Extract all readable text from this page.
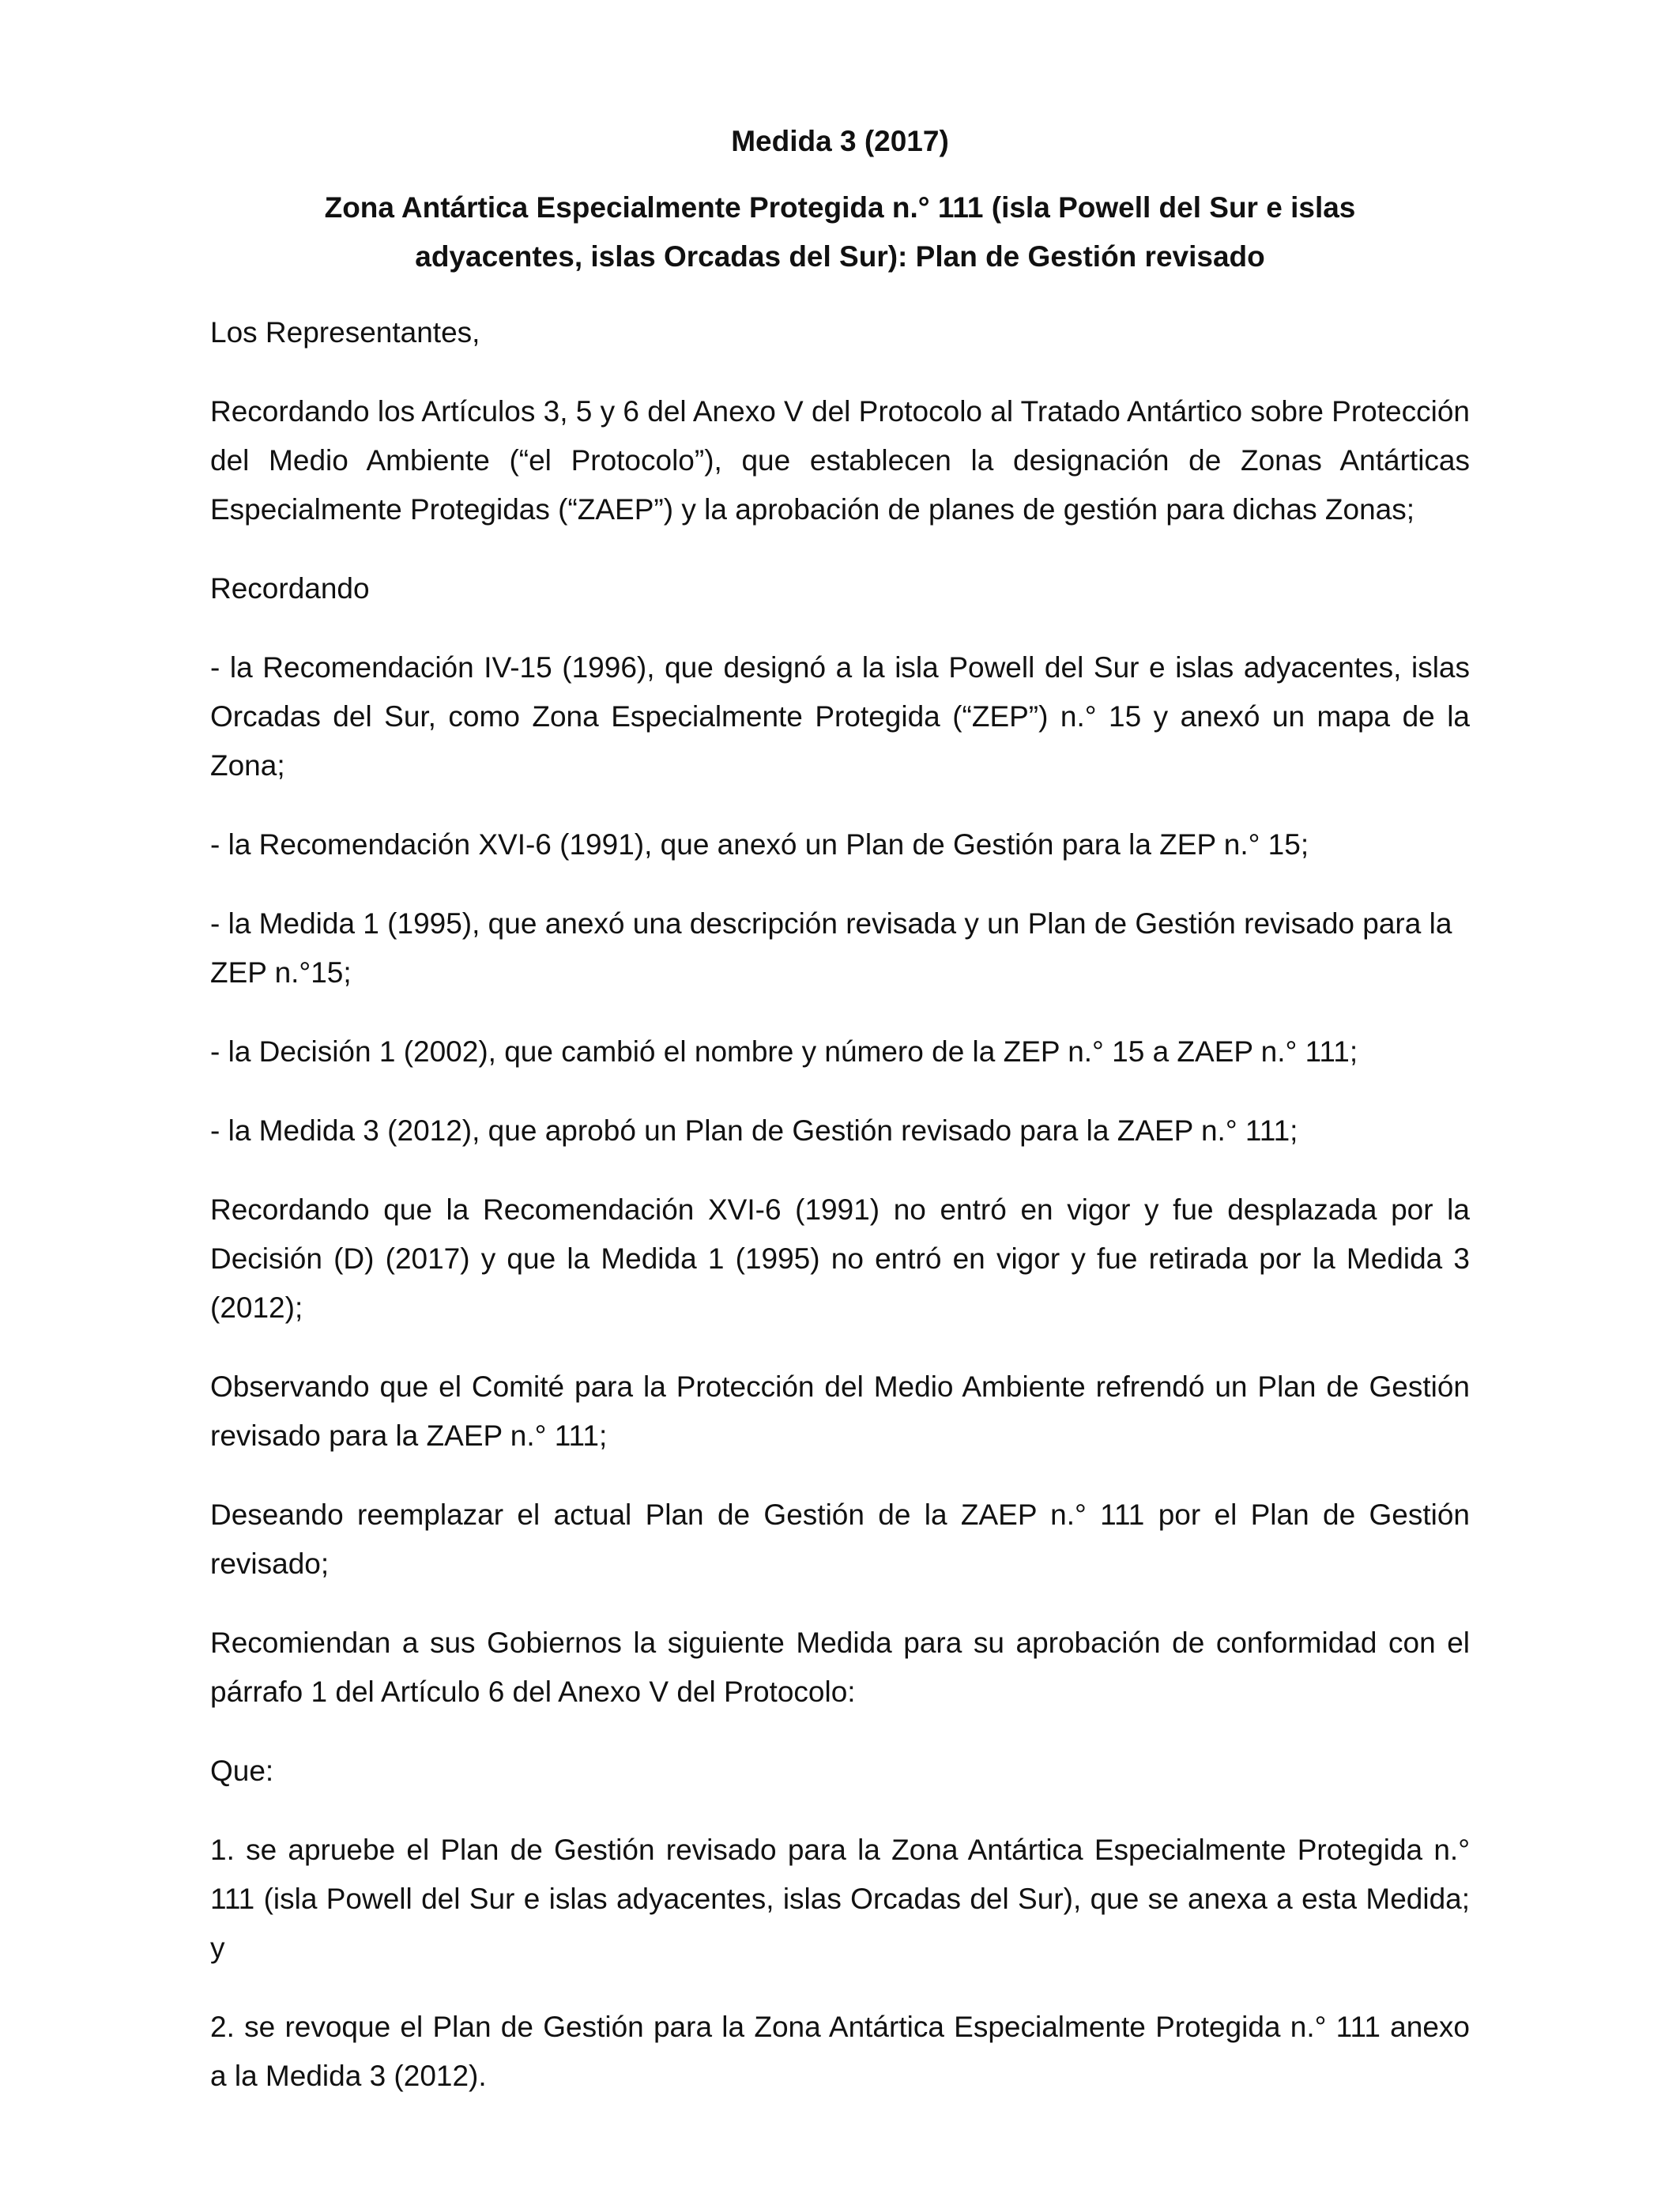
Medida 3 (2017)
Zona Antártica Especialmente Protegida n.° 111 (isla Powell del Sur e islas
adyacentes, islas Orcadas del Sur): Plan de Gestión revisado

Los Representantes,

Recordando los Artículos 3, 5 y 6 del Anexo V del Protocolo al Tratado Antártico sobre Protección del Medio Ambiente (“el Protocolo”), que establecen la designación de Zonas Antárticas Especialmente Protegidas (“ZAEP”) y la aprobación de planes de gestión para dichas Zonas;

Recordando

- la Recomendación IV-15 (1996), que designó a la isla Powell del Sur e islas adyacentes, islas Orcadas del Sur, como Zona Especialmente Protegida (“ZEP”) n.° 15 y anexó un mapa de la Zona;

- la Recomendación XVI-6 (1991), que anexó un Plan de Gestión para la ZEP n.° 15;

- la Medida 1 (1995), que anexó una descripción revisada y un Plan de Gestión revisado para la ZEP n.°15;

- la Decisión 1 (2002), que cambió el nombre y número de la ZEP n.° 15 a ZAEP n.° 111;

- la Medida 3 (2012), que aprobó un Plan de Gestión revisado para la ZAEP n.° 111;

Recordando que la Recomendación XVI-6 (1991) no entró en vigor y fue desplazada por la Decisión (D) (2017) y que la Medida 1 (1995) no entró en vigor y fue retirada por la Medida 3 (2012);

Observando que el Comité para la Protección del Medio Ambiente refrendó un Plan de Gestión revisado para la ZAEP n.° 111;

Deseando reemplazar el actual Plan de Gestión de la ZAEP n.° 111 por el Plan de Gestión revisado;

Recomiendan a sus Gobiernos la siguiente Medida para su aprobación de conformidad con el párrafo 1 del Artículo 6 del Anexo V del Protocolo:

Que:

1. se apruebe el Plan de Gestión revisado para la Zona Antártica Especialmente Protegida n.° 111 (isla Powell del Sur e islas adyacentes, islas Orcadas del Sur), que se anexa a esta Medida; y

2. se revoque el Plan de Gestión para la Zona Antártica Especialmente Protegida n.° 111 anexo a la Medida 3 (2012).
